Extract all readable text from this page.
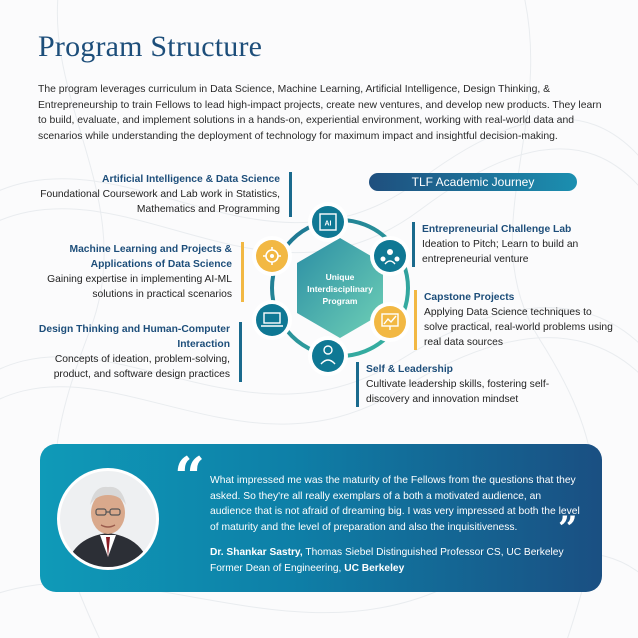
Program Structure
The program leverages curriculum in Data Science, Machine Learning, Artificial Intelligence, Design Thinking, & Entrepreneurship to train Fellows to lead high-impact projects, create new ventures, and develop new products. They learn to build, evaluate, and implement solutions in a hands-on, experiential environment, working with real-world data and scenarios while understanding the deployment of technology for maximum impact and insightful decision-making.
Artificial Intelligence & Data Science
Foundational Coursework and Lab work in Statistics, Mathematics and Programming
Machine Learning and Projects & Applications of Data Science
Gaining expertise in implementing AI-ML solutions in practical scenarios
Design Thinking and Human-Computer Interaction
Concepts of ideation, problem-solving, product, and software design practices
TLF Academic Journey
Entrepreneurial Challenge Lab
Ideation to Pitch; Learn to build an entrepreneurial venture
Capstone Projects
Applying Data Science techniques to solve practical, real-world problems using real data sources
Self & Leadership
Cultivate leadership skills, fostering self-discovery and innovation mindset
Unique
Interdisciplinary
Program
AI
“ What impressed me was the maturity of the Fellows from the questions that they asked. So they're all really exemplars of a both a motivated audience, an audience that is not afraid of dreaming big. I was very impressed at both the level of maturity and the level of preparation and also the inquisitiveness.	”
Dr. Shankar Sastry, Thomas Siebel Distinguished Professor CS, UC Berkeley
Former Dean of Engineering, UC Berkeley
